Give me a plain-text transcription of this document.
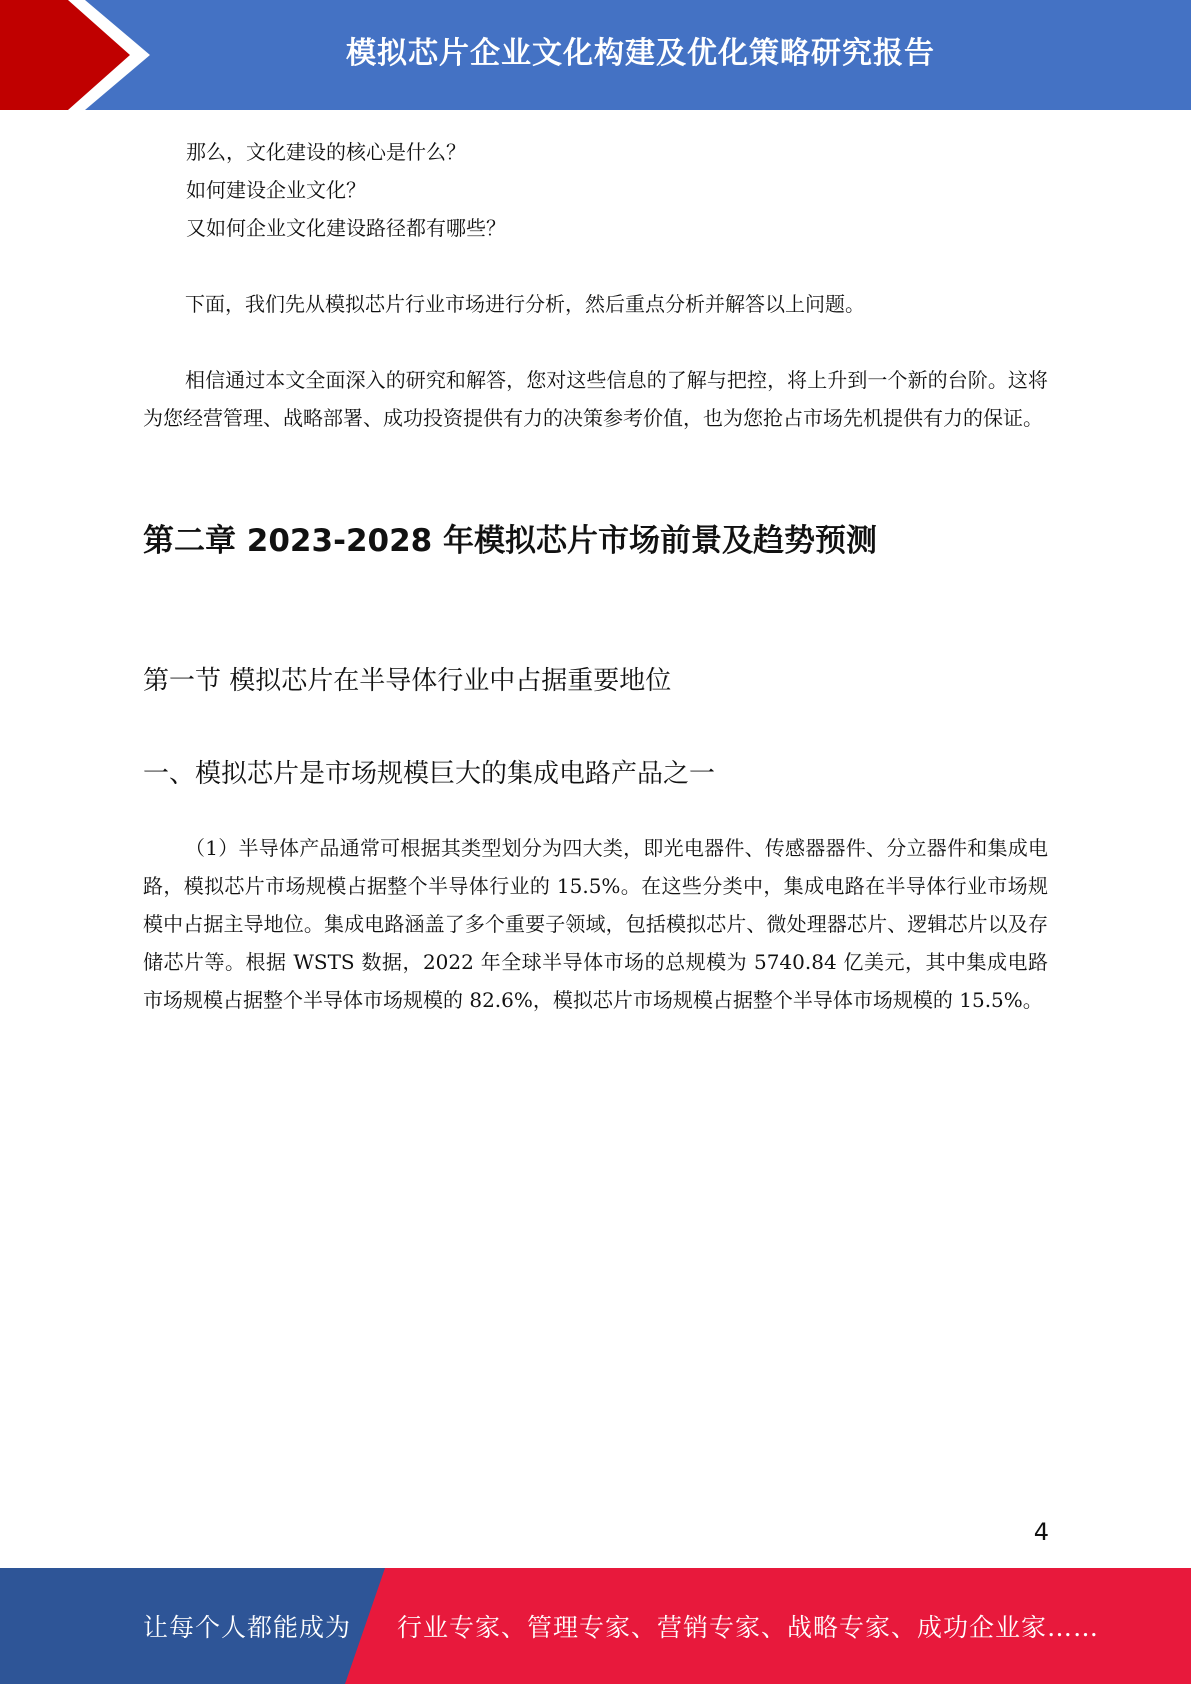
模拟芯片企业文化构建及优化策略研究报告
那么，文化建设的核心是什么？
如何建设企业文化？
又如何企业文化建设路径都有哪些？
下面，我们先从模拟芯片行业市场进行分析，然后重点分析并解答以上问题。
相信通过本文全面深入的研究和解答，您对这些信息的了解与把控，将上升到一个新的台阶。这将为您经营管理、战略部署、成功投资提供有力的决策参考价值，也为您抢占市场先机提供有力的保证。
第二章 2023-2028 年模拟芯片市场前景及趋势预测
第一节 模拟芯片在半导体行业中占据重要地位
一、模拟芯片是市场规模巨大的集成电路产品之一
（1）半导体产品通常可根据其类型划分为四大类，即光电器件、传感器器件、分立器件和集成电路，模拟芯片市场规模占据整个半导体行业的 15.5%。在这些分类中，集成电路在半导体行业市场规模中占据主导地位。集成电路涵盖了多个重要子领域，包括模拟芯片、微处理器芯片、逻辑芯片以及存储芯片等。根据 WSTS 数据，2022 年全球半导体市场的总规模为 5740.84 亿美元，其中集成电路市场规模占据整个半导体市场规模的 82.6%，模拟芯片市场规模占据整个半导体市场规模的 15.5%。
4
让每个人都能成为 行业专家、管理专家、营销专家、战略专家、成功企业家……
